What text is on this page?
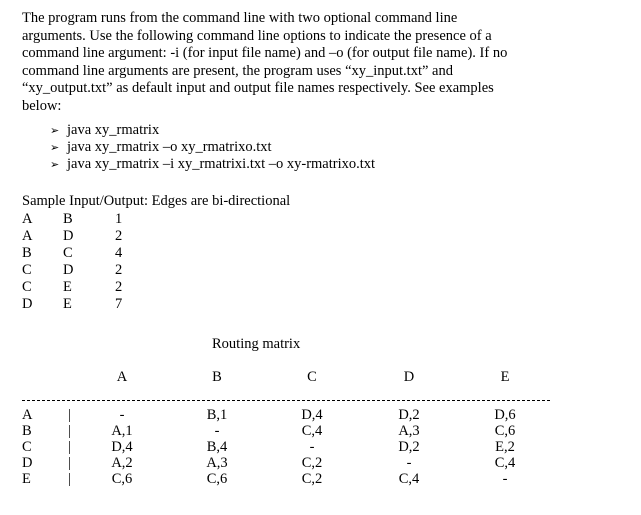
The program runs from the command line with two optional command line
arguments. Use the following command line options to indicate the presence of a
command line argument: -i (for input file name) and –o (for output file name). If no
command line arguments are present, the program uses “xy_input.txt” and
“xy_output.txt” as default input and output file names respectively. See examples
below:
➢ java xy_rmatrix
➢ java xy_rmatrix –o xy_rmatrixo.txt
➢ java xy_rmatrix –i xy_rmatrixi.txt –o xy-rmatrixo.txt
Sample Input/Output: Edges are bi-directional
A B	1
A D	2
B C	4
C D	2
C E	2
D E	7
Routing matrix
A	B	C	D	E
A |	-	B,1	D,4	D,2	D,6
B	|	A,1	-	C,4	A,3	C,6
C	|	D,4	B,4	-	D,2	E,2
D |	A,2	A,3	C,2	-	C,4
E	|	C,6	C,6	C,2	C,4	-
